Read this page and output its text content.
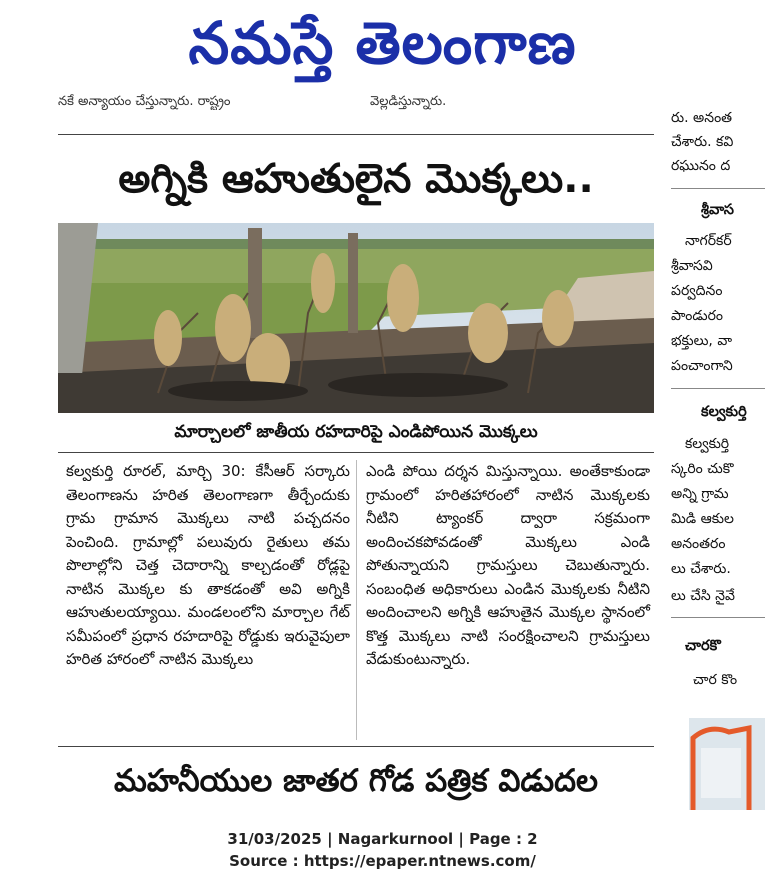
నమస్తే తెలంగాణ
నకే అన్యాయం చేస్తున్నారు. రాష్ట్రం	వెల్లడిస్తున్నారు.
అగ్నికి ఆహుతులైన మొక్కలు..
మార్చాలలో జాతీయ రహదారిపై ఎండిపోయిన మొక్కలు

కల్వకుర్తి రూరల్, మార్చి 30: కేసీఆర్ సర్కారు తెలంగాణను హరిత తెలంగాణగా తీర్చేందుకు గ్రామ గ్రామాన మొక్కలు నాటి పచ్చదనం పెంచింది. గ్రామాల్లో పలువురు రైతులు తమ పొలాల్లోని చెత్త చెదారాన్ని కాల్చడంతో రోడ్లపై నాటిన మొక్కల కు తాకడంతో అవి అగ్నికి ఆహుతులయ్యాయి. మండలంలోని మార్చాల గేట్ సమీపంలో ప్రధాన రహదారిపై రోడ్డుకు ఇరువైపులా హరిత హారంలో నాటిన మొక్కలు

ఎండి పోయి దర్శన మిస్తున్నాయి. అంతేకాకుండా గ్రామంలో హరితహారంలో నాటిన మొక్కలకు నీటిని ట్యాంకర్ ద్వారా సక్రమంగా అందించకపోవడంతో మొక్కలు ఎండి పోతున్నాయని గ్రామస్తులు చెబుతున్నారు. సంబంధిత అధికారులు ఎండిన మొక్కలకు నీటిని అందించాలని అగ్నికి ఆహుతైన మొక్కల స్థానంలో కొత్త మొక్కలు నాటి సంరక్షించాలని గ్రామస్తులు వేడుకుంటున్నారు.

మహనీయుల జాతర గోడ పత్రిక విడుదల
రు. అనంత
చేశారు. కవి
రఘునం ద
శ్రీవాస
నాగర్‌కర్
శ్రీవాసవి
పర్వదినం
పాండురం
భక్తులు, వా
పంచాంగాని
కల్వకుర్తి
కల్వకుర్తి
స్కరిం చుకొ
అన్ని గ్రామ
మిడి ఆకుల
అనంతరం
లు చేశారు.
లు చేసి నైవే
చారకొ
చార కొం
31/03/2025 | Nagarkurnool | Page : 2
Source : https://epaper.ntnews.com/
